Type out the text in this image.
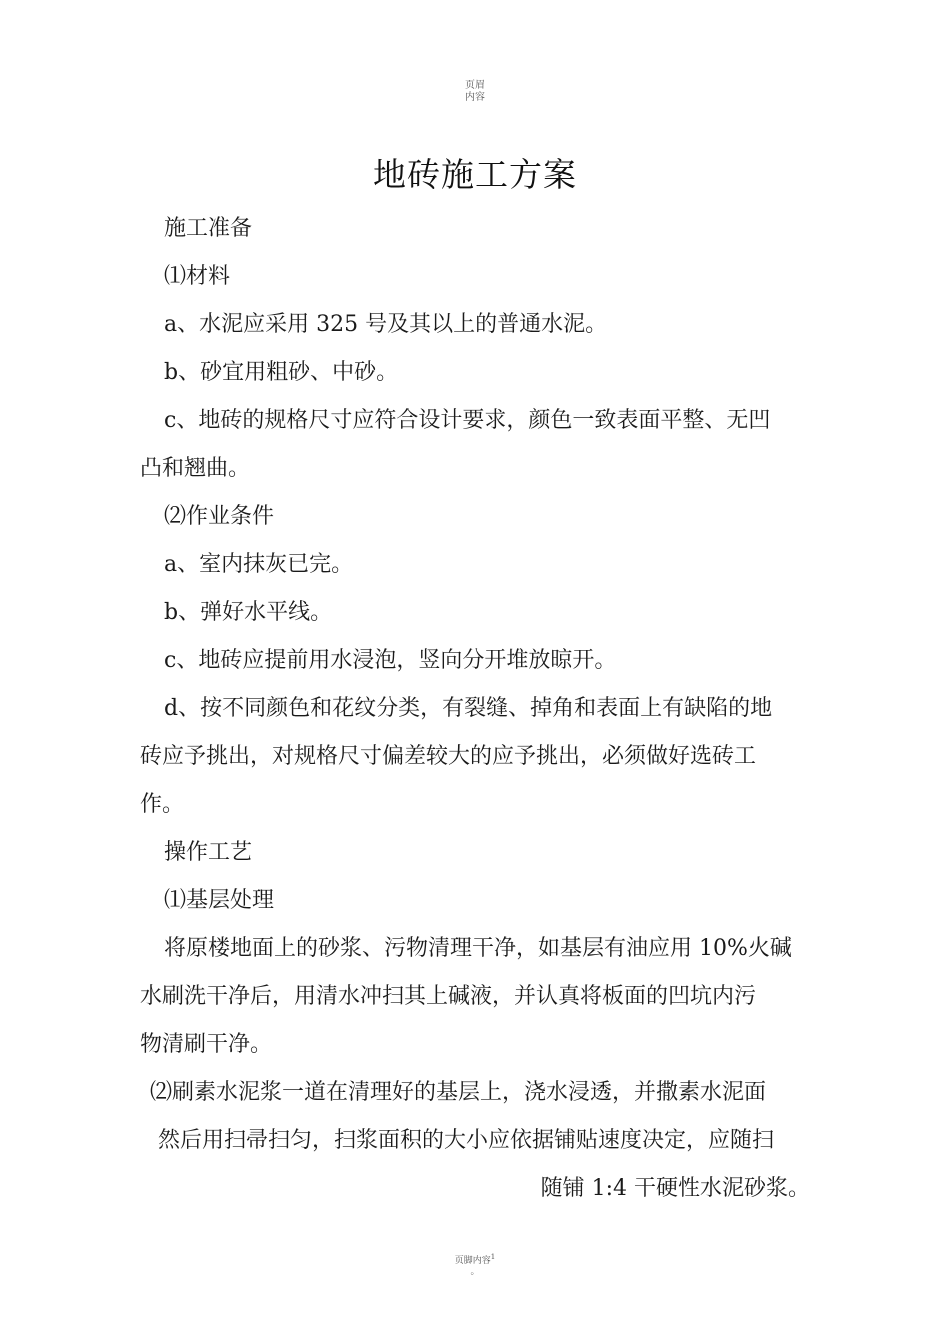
页眉
内容
地砖施工方案
施工准备
⑴材料
a、水泥应采用 325 号及其以上的普通水泥。
b、砂宜用粗砂、中砂。
c、地砖的规格尺寸应符合设计要求，颜色一致表面平整、无凹
凸和翘曲。
⑵作业条件
a、室内抹灰已完。
b、弹好水平线。
c、地砖应提前用水浸泡，竖向分开堆放晾开。
d、按不同颜色和花纹分类，有裂缝、掉角和表面上有缺陷的地
砖应予挑出，对规格尺寸偏差较大的应予挑出，必须做好选砖工
作。
操作工艺
⑴基层处理
将原楼地面上的砂浆、污物清理干净，如基层有油应用 10%火碱
水刷洗干净后，用清水冲扫其上碱液，并认真将板面的凹坑内污
物清刷干净。
⑵刷素水泥浆一道在清理好的基层上，浇水浸透，并撒素水泥面
然后用扫帚扫匀，扫浆面积的大小应依据铺贴速度决定，应随扫
随铺 1:4 干硬性水泥砂浆。
页脚内容$^1$
。
